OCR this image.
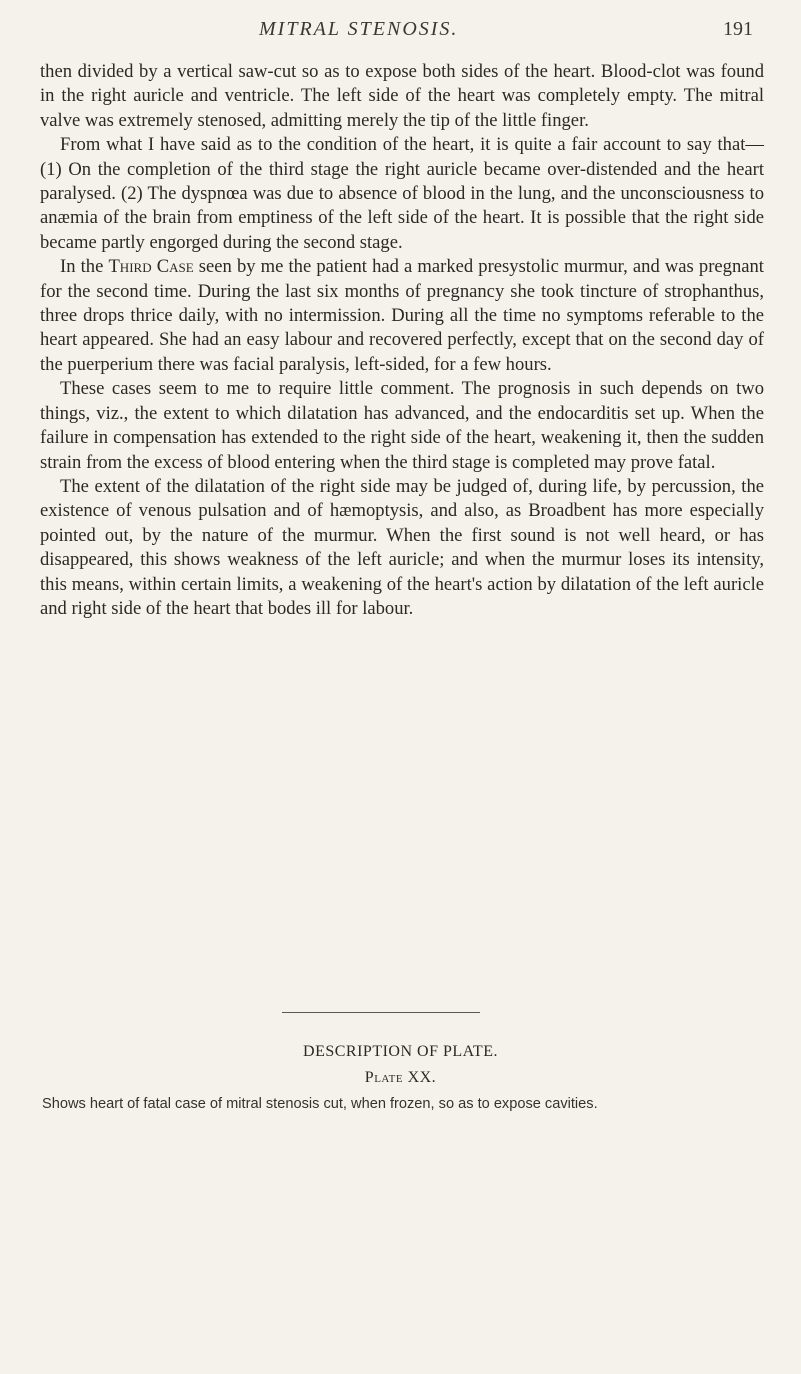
MITRAL STENOSIS.	191

then divided by a vertical saw-cut so as to expose both sides of the heart. Blood-clot was found in the right auricle and ventricle. The left side of the heart was completely empty. The mitral valve was extremely stenosed, admitting merely the tip of the little finger.

From what I have said as to the condition of the heart, it is quite a fair account to say that— (1) On the completion of the third stage the right auricle became over-distended and the heart paralysed. (2) The dyspnœa was due to absence of blood in the lung, and the unconsciousness to anæmia of the brain from emptiness of the left side of the heart. It is possible that the right side became partly engorged during the second stage.

In the Third Case seen by me the patient had a marked presystolic murmur, and was pregnant for the second time. During the last six months of pregnancy she took tincture of strophanthus, three drops thrice daily, with no intermission. During all the time no symptoms referable to the heart appeared. She had an easy labour and recovered perfectly, except that on the second day of the puerperium there was facial paralysis, left-sided, for a few hours.

These cases seem to me to require little comment. The prognosis in such depends on two things, viz., the extent to which dilatation has advanced, and the endocarditis set up. When the failure in compensation has extended to the right side of the heart, weakening it, then the sudden strain from the excess of blood entering when the third stage is completed may prove fatal.

The extent of the dilatation of the right side may be judged of, during life, by percussion, the existence of venous pulsation and of hæmoptysis, and also, as Broadbent has more especially pointed out, by the nature of the murmur. When the first sound is not well heard, or has disappeared, this shows weakness of the left auricle; and when the murmur loses its intensity, this means, within certain limits, a weakening of the heart's action by dilatation of the left auricle and right side of the heart that bodes ill for labour.

DESCRIPTION OF PLATE.
Plate XX.
Shows heart of fatal case of mitral stenosis cut, when frozen, so as to expose cavities.
